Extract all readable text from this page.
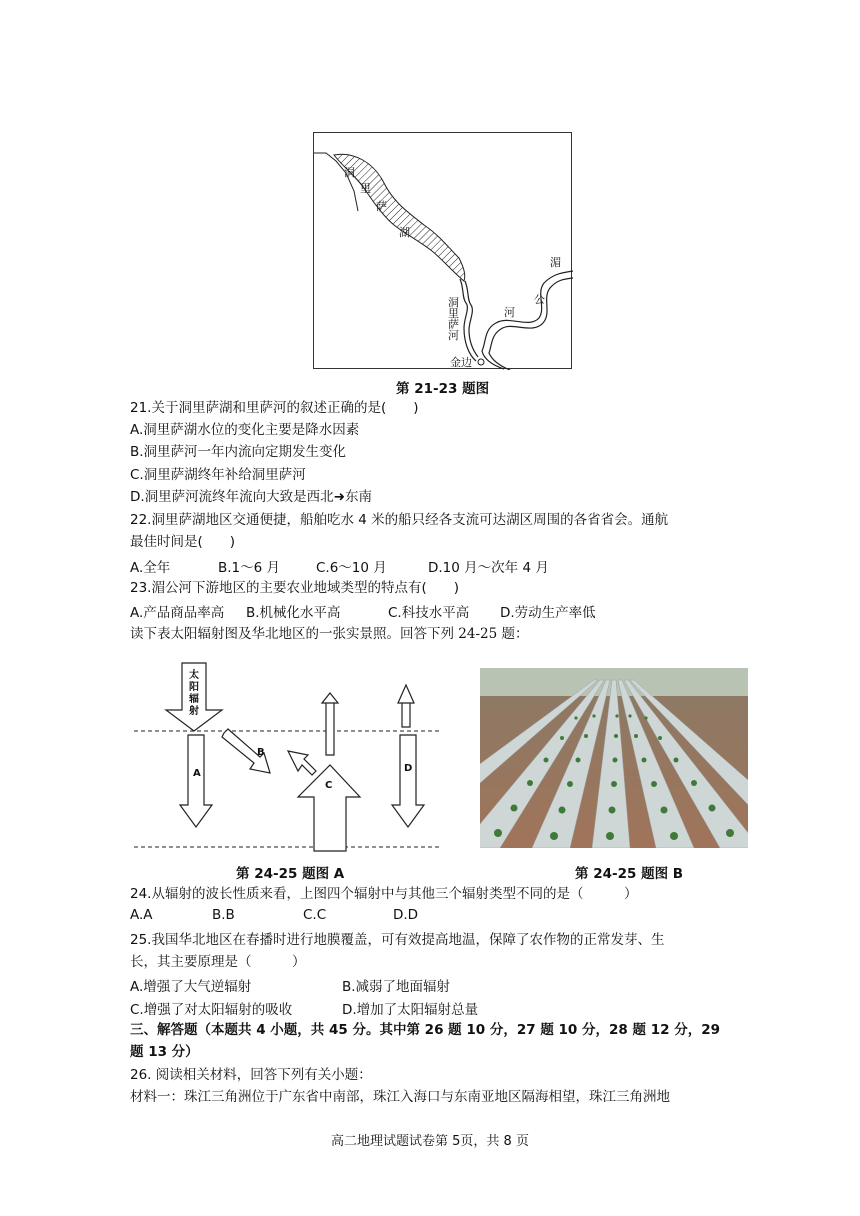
洞
里
萨
湖
洞
里
萨
河
湄
公
河
金边
第 21-23 题图
21.关于洞里萨湖和里萨河的叙述正确的是(　　)
A.洞里萨湖水位的变化主要是降水因素
B.洞里萨河一年内流向定期发生变化
C.洞里萨湖终年补给洞里萨河
D.洞里萨河流终年流向大致是西北➜东南
22.洞里萨湖地区交通便捷，船舶吃水 4 米的船只经各支流可达湖区周围的各省省会。通航
最佳时间是(　　)
A.全年	B.1～6 月	C.6～10 月	D.10 月～次年 4 月
23.湄公河下游地区的主要农业地域类型的特点有(　　)
A.产品商品率高 B.机械化水平高	C.科技水平高 D.劳动生产率低
读下表太阳辐射图及华北地区的一张实景照。回答下列 24-25 题：
太
阳
辐
射
A
B
C
D
第 24-25 题图 A	第 24-25 题图 B
24.从辐射的波长性质来看，上图四个辐射中与其他三个辐射类型不同的是（　　　）
A.A	B.B	C.C	D.D
25.我国华北地区在春播时进行地膜覆盖，可有效提高地温，保障了农作物的正常发芽、生
长，其主要原理是（　　　）
A.增强了大气逆辐射	B.减弱了地面辐射
C.增强了对太阳辐射的吸收	D.增加了太阳辐射总量
三、解答题（本题共 4 小题，共 45 分。其中第 26 题 10 分，27 题 10 分，28 题 12 分，29
题 13 分）
26. 阅读相关材料，回答下列有关小题：
材料一：珠江三角洲位于广东省中南部，珠江入海口与东南亚地区隔海相望，珠江三角洲地
高二地理试题试卷第 5页，共 8 页
